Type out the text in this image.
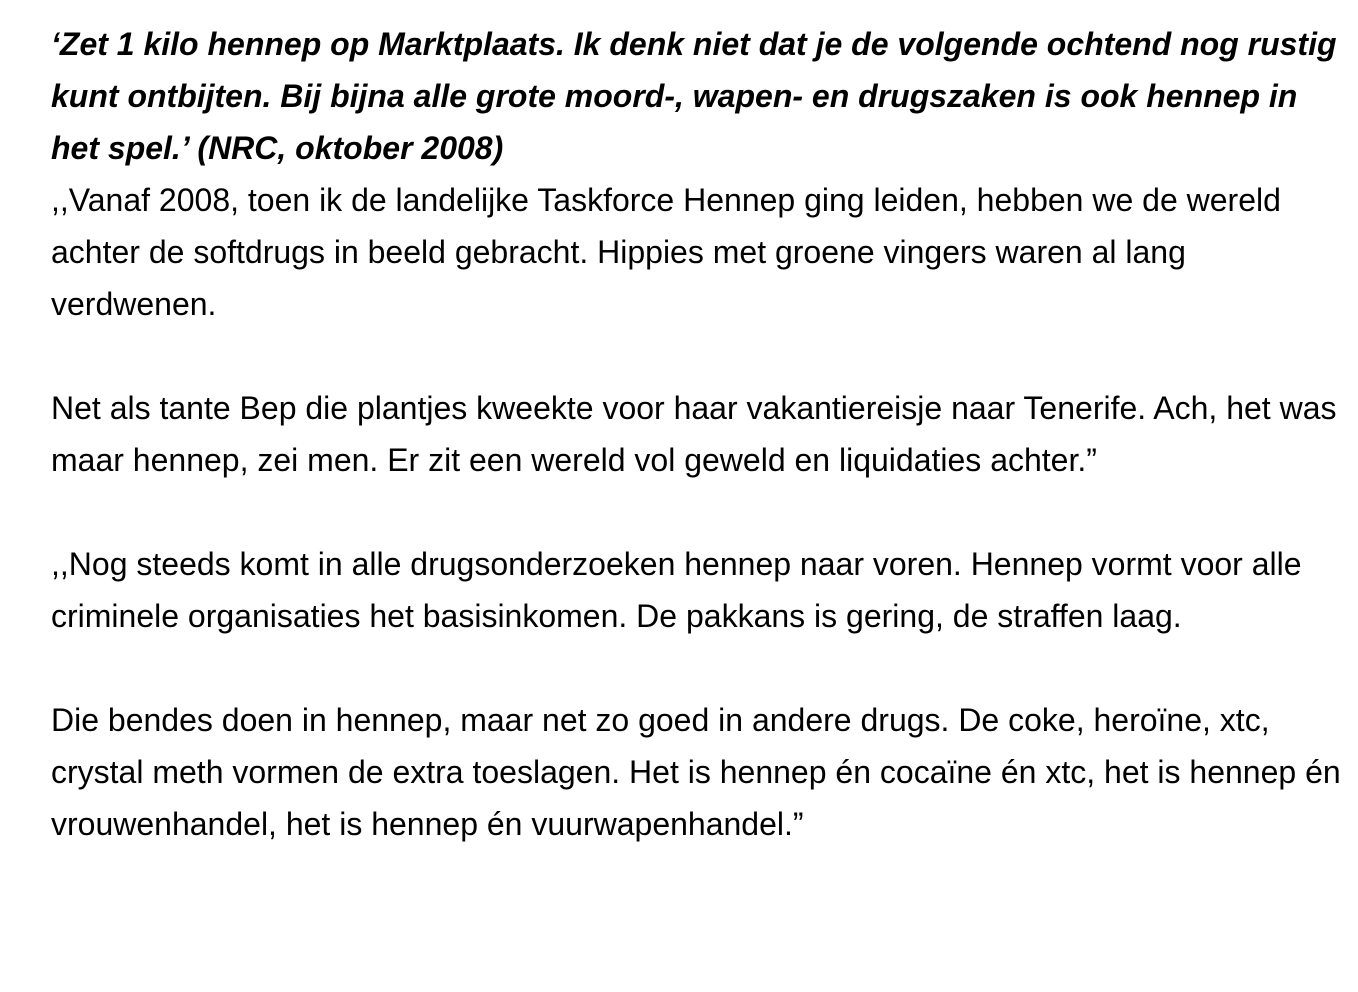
‘Zet 1 kilo hennep op Marktplaats. Ik denk niet dat je de volgende ochtend nog rustig kunt ontbijten. Bij bijna alle grote moord-, wapen- en drugszaken is ook hennep in het spel.’ (NRC, oktober 2008)

,,Vanaf 2008, toen ik de landelijke Taskforce Hennep ging leiden, hebben we de wereld achter de softdrugs in beeld gebracht. Hippies met groene vingers waren al lang verdwenen.

Net als tante Bep die plantjes kweekte voor haar vakantiereisje naar Tenerife. Ach, het was maar hennep, zei men. Er zit een wereld vol geweld en liquidaties achter.”

,,Nog steeds komt in alle drugsonderzoeken hennep naar voren. Hennep vormt voor alle criminele organisaties het basisinkomen. De pakkans is gering, de straffen laag.

Die bendes doen in hennep, maar net zo goed in andere drugs. De coke, heroïne, xtc, crystal meth vormen de extra toeslagen. Het is hennep én cocaïne én xtc, het is hennep én vrouwenhandel, het is hennep én vuurwapenhandel.”
